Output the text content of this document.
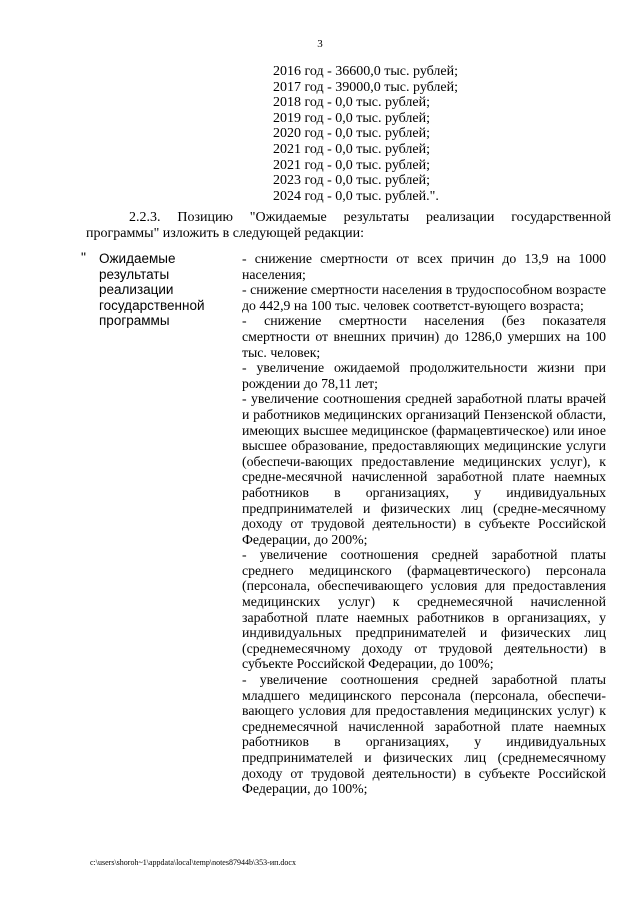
3
2016 год - 36600,0 тыс. рублей;
2017 год - 39000,0 тыс. рублей;
2018 год - 0,0 тыс. рублей;
2019 год - 0,0 тыс. рублей;
2020 год - 0,0 тыс. рублей;
2021 год - 0,0 тыс. рублей;
2021 год - 0,0 тыс. рублей;
2023 год - 0,0 тыс. рублей;
2024 год - 0,0 тыс. рублей.".
2.2.3. Позицию "Ожидаемые результаты реализации государственной
программы" изложить в следующей редакции:
" Ожидаемые
результаты
реализации
государственной
программы
- снижение смертности от всех причин до 13,9 на 1000 населения;
- снижение смертности населения в трудоспособном возрасте до 442,9 на 100 тыс. человек соответст-вующего возраста;
- снижение смертности населения (без показателя смертности от внешних причин) до 1286,0 умерших на 100 тыс. человек;
- увеличение ожидаемой продолжительности жизни при рождении до 78,11 лет;
- увеличение соотношения средней заработной платы врачей и работников медицинских организаций Пензенской области, имеющих высшее медицинское (фармацевтическое) или иное высшее образование, предоставляющих медицинские услуги (обеспечи-вающих предоставление медицинских услуг), к средне-месячной начисленной заработной плате наемных работников в организациях, у индивидуальных предпринимателей и физических лиц (средне-месячному доходу от трудовой деятельности) в субъекте Российской Федерации, до 200%;
- увеличение соотношения средней заработной платы среднего медицинского (фармацевтического) персонала (персонала, обеспечивающего условия для предоставления медицинских услуг) к среднемесячной начисленной заработной плате наемных работников в организациях, у индивидуальных предпринимателей и физических лиц (среднемесячному доходу от трудовой деятельности) в субъекте Российской Федерации, до 100%;
- увеличение соотношения средней заработной платы младшего медицинского персонала (персонала, обеспечи-вающего условия для предоставления медицинских услуг) к среднемесячной начисленной заработной плате наемных работников в организациях, у индивидуальных предпринимателей и физических лиц (среднемесячному доходу от трудовой деятельности) в субъекте Российской Федерации, до 100%;
c:\users\shoroh~1\appdata\local\temp\notes87944b\353-ип.docx
